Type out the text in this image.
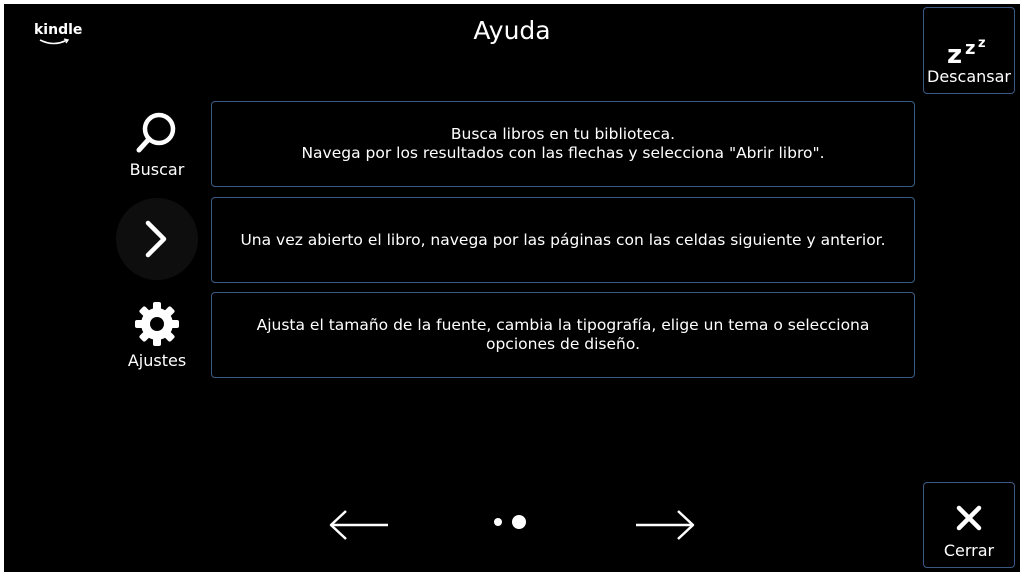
kindle	Ayuda
z z z
Descansar
Buscar
Ajustes
Busca libros en tu biblioteca.
Navega por los resultados con las flechas y selecciona "Abrir libro".
Una vez abierto el libro, navega por las páginas con las celdas siguiente y anterior.
Ajusta el tamaño de la fuente, cambia la tipografía, elige un tema o selecciona
opciones de diseño.
Cerrar
